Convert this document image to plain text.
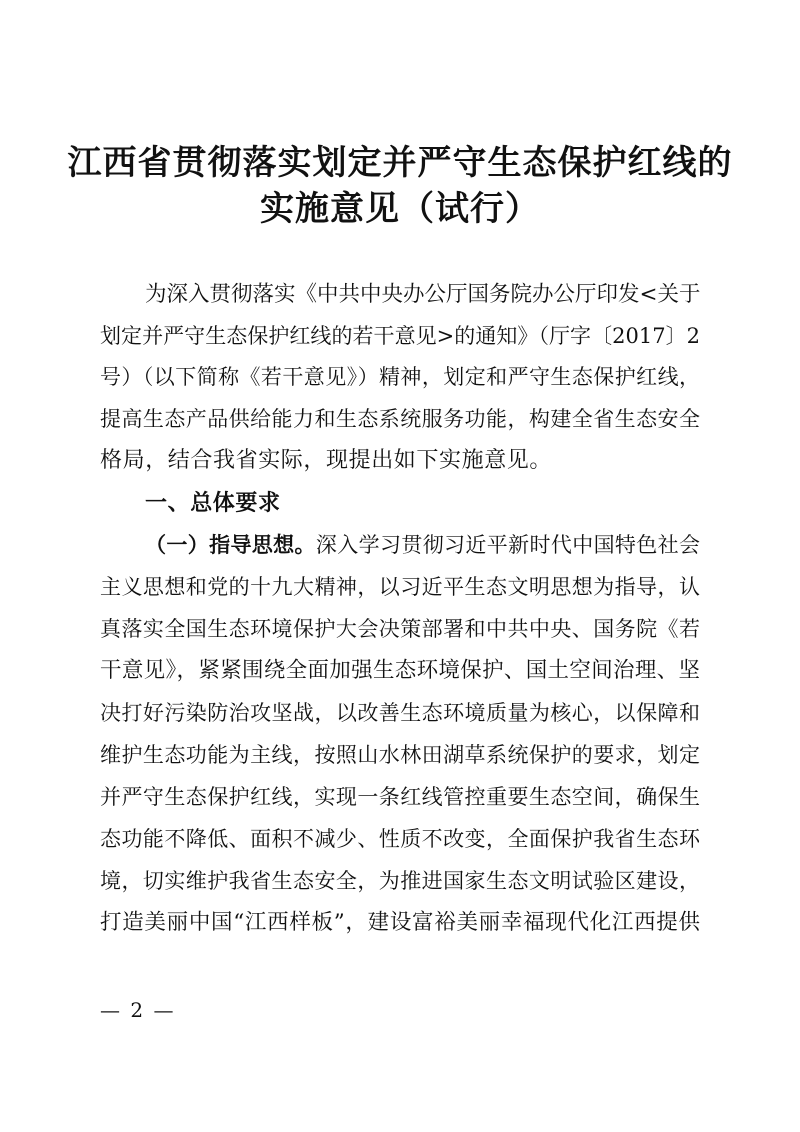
江西省贯彻落实划定并严守生态保护红线的
实施意见（试行）
为深入贯彻落实《中共中央办公厅国务院办公厅印发<关于
划定并严守生态保护红线的若干意见>的通知》（厅字〔2017〕2
号）（以下简称《若干意见》）精神，划定和严守生态保护红线，
提高生态产品供给能力和生态系统服务功能，构建全省生态安全
格局，结合我省实际，现提出如下实施意见。
一、总体要求
（一）指导思想。深入学习贯彻习近平新时代中国特色社会
主义思想和党的十九大精神，以习近平生态文明思想为指导，认
真落实全国生态环境保护大会决策部署和中共中央、国务院《若
干意见》，紧紧围绕全面加强生态环境保护、国土空间治理、坚
决打好污染防治攻坚战，以改善生态环境质量为核心，以保障和
维护生态功能为主线，按照山水林田湖草系统保护的要求，划定
并严守生态保护红线，实现一条红线管控重要生态空间，确保生
态功能不降低、面积不减少、性质不改变，全面保护我省生态环
境，切实维护我省生态安全，为推进国家生态文明试验区建设，
打造美丽中国“江西样板”，建设富裕美丽幸福现代化江西提供
— 2 —
